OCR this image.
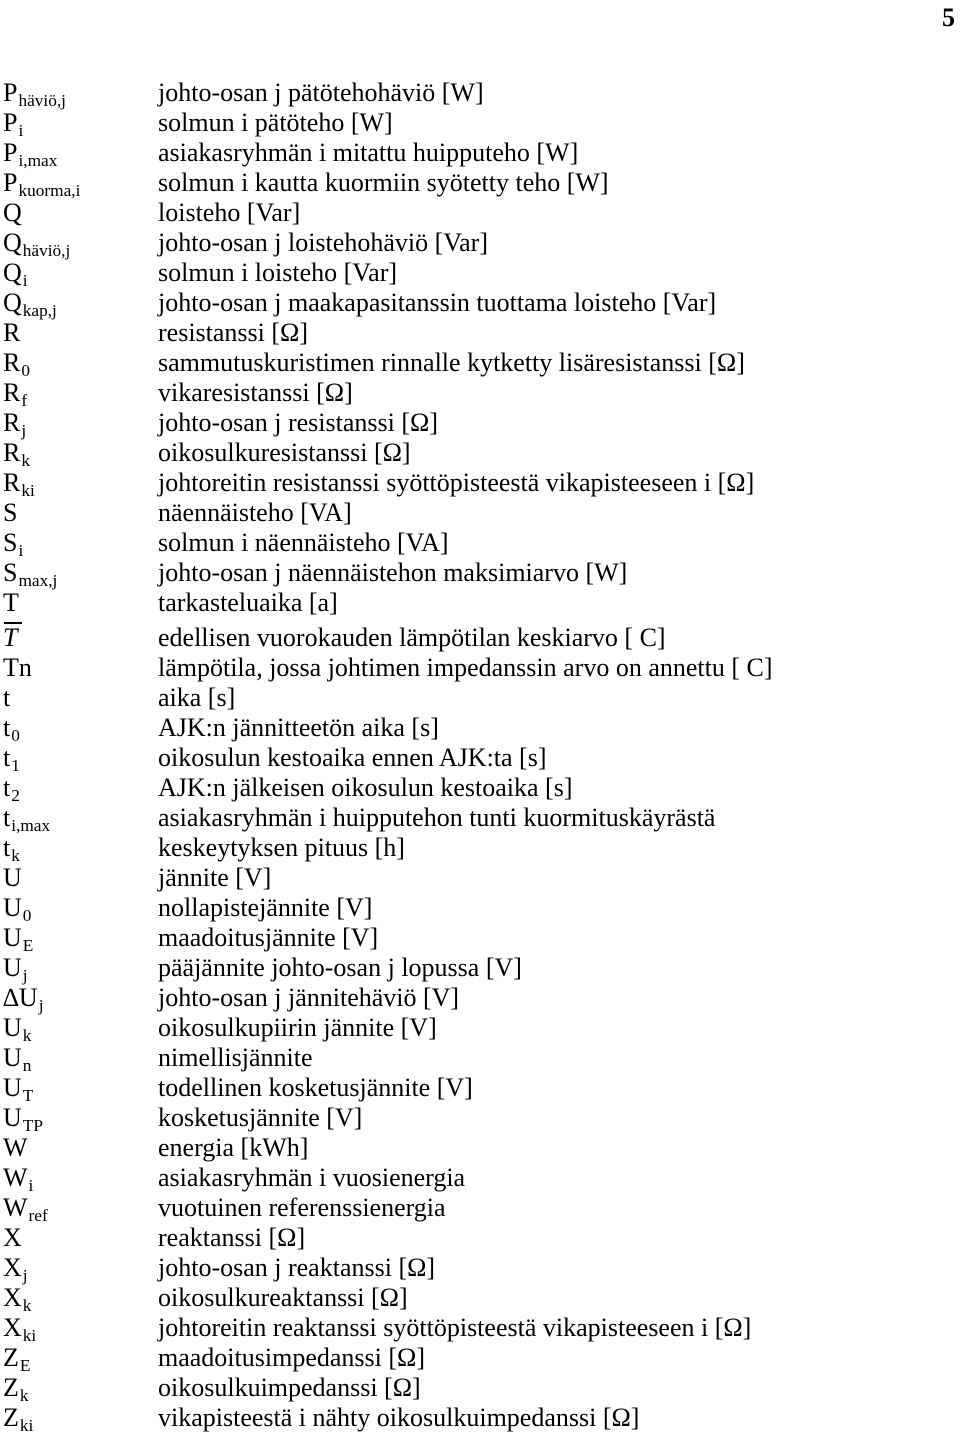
5
Phäviö,j	johto-osan j pätötehohäviö [W]
Pi	solmun i pätöteho [W]
Pi,max	asiakasryhmän i mitattu huipputeho [W]
Pkuorma,i	solmun i kautta kuormiin syötetty teho [W]
Q	loisteho [Var]
Qhäviö,j	johto-osan j loistehohäviö [Var]
Qi	solmun i loisteho [Var]
Qkap,j	johto-osan j maakapasitanssin tuottama loisteho [Var]
R	resistanssi [Ω]
R0	sammutuskuristimen rinnalle kytketty lisäresistanssi [Ω]
Rf	vikaresistanssi [Ω]
Rj	johto-osan j resistanssi [Ω]
Rk	oikosulkuresistanssi [Ω]
Rki	johtoreitin resistanssi syöttöpisteestä vikapisteeseen i [Ω]
S	näennäisteho [VA]
Si	solmun i näennäisteho [VA]
Smax,j	johto-osan j näennäistehon maksimiarvo [W]
T	tarkasteluaika [a]
T	edellisen vuorokauden lämpötilan keskiarvo [ C]
Tn	lämpötila, jossa johtimen impedanssin arvo on annettu [ C]
t	aika [s]
t0	AJK:n jännitteetön aika [s]
t1	oikosulun kestoaika ennen AJK:ta [s]
t2	AJK:n jälkeisen oikosulun kestoaika [s]
ti,max	asiakasryhmän i huipputehon tunti kuormituskäyrästä
tk	keskeytyksen pituus [h]
U	jännite [V]
U0	nollapistejännite [V]
UE	maadoitusjännite [V]
Uj	pääjännite johto-osan j lopussa [V]
∆Uj	johto-osan j jännitehäviö [V]
Uk	oikosulkupiirin jännite [V]
Un	nimellisjännite
UT	todellinen kosketusjännite [V]
UTP	kosketusjännite [V]
W	energia [kWh]
Wi	asiakasryhmän i vuosienergia
Wref	vuotuinen referenssienergia
X	reaktanssi [Ω]
Xj	johto-osan j reaktanssi [Ω]
Xk	oikosulkureaktanssi [Ω]
Xki	johtoreitin reaktanssi syöttöpisteestä vikapisteeseen i [Ω]
ZE	maadoitusimpedanssi [Ω]
Zk	oikosulkuimpedanssi [Ω]
Zki	vikapisteestä i nähty oikosulkuimpedanssi [Ω]
